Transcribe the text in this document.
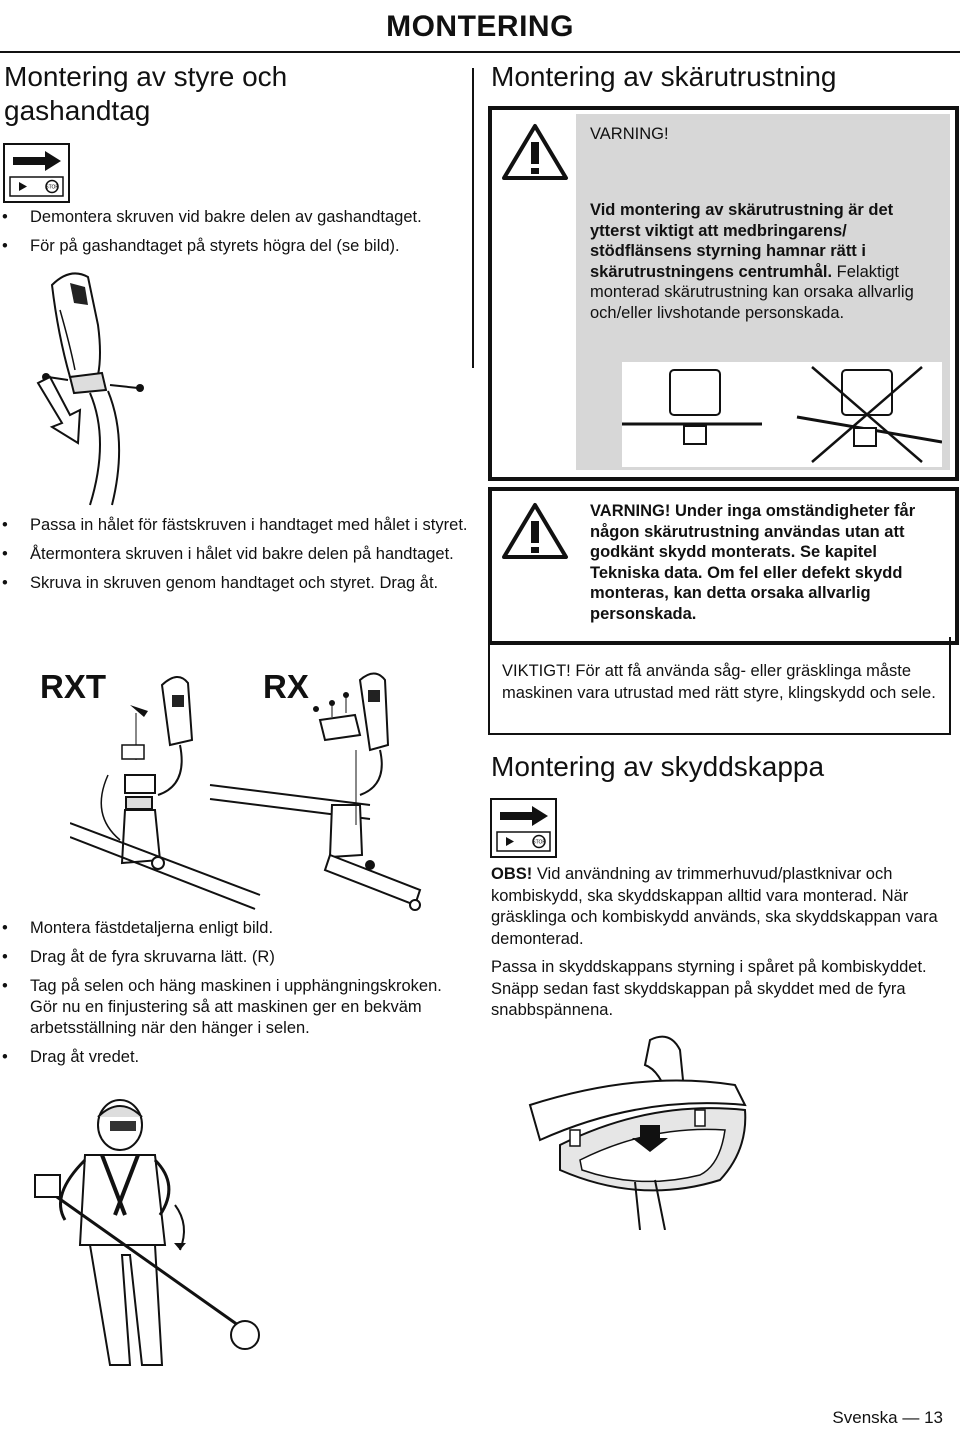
MONTERING
Montering av styre och gashandtag
STOP
• Demontera skruven vid bakre delen av gashandtaget.
• För på gashandtaget på styrets högra del (se bild).
• Passa in hålet för fästskruven i handtaget med hålet i styret.
• Återmontera skruven i hålet vid bakre delen på handtaget.
• Skruva in skruven genom handtaget och styret. Drag åt.
RXT	RX
• Montera fästdetaljerna enligt bild.
• Drag åt de fyra skruvarna lätt. (R)
• Tag på selen och häng maskinen i upphängningskroken. Gör nu en finjustering så att maskinen ger en bekväm arbetsställning när den hänger i selen.
• Drag åt vredet.
Montering av skärutrustning
VARNING!
Vid montering av skärutrustning är det ytterst viktigt att medbringarens/ stödflänsens styrning hamnar rätt i skärutrustningens centrumhål. Felaktigt monterad skärutrustning kan orsaka allvarlig och/eller livshotande personskada.
VARNING! Under inga omständigheter får någon skärutrustning användas utan att godkänt skydd monterats. Se kapitel Tekniska data. Om fel eller defekt skydd monteras, kan detta orsaka allvarlig personskada.
VIKTIGT! För att få använda såg- eller gräsklinga måste maskinen vara utrustad med rätt styre, klingskydd och sele.
Montering av skyddskappa
STOP

OBS! Vid användning av trimmerhuvud/plastknivar och kombiskydd, ska skyddskappan alltid vara monterad. När gräsklinga och kombiskydd används, ska skyddskappan vara demonterad.

Passa in skyddskappans styrning i spåret på kombiskyddet. Snäpp sedan fast skyddskappan på skyddet med de fyra snabbspännena.

Svenska — 13
